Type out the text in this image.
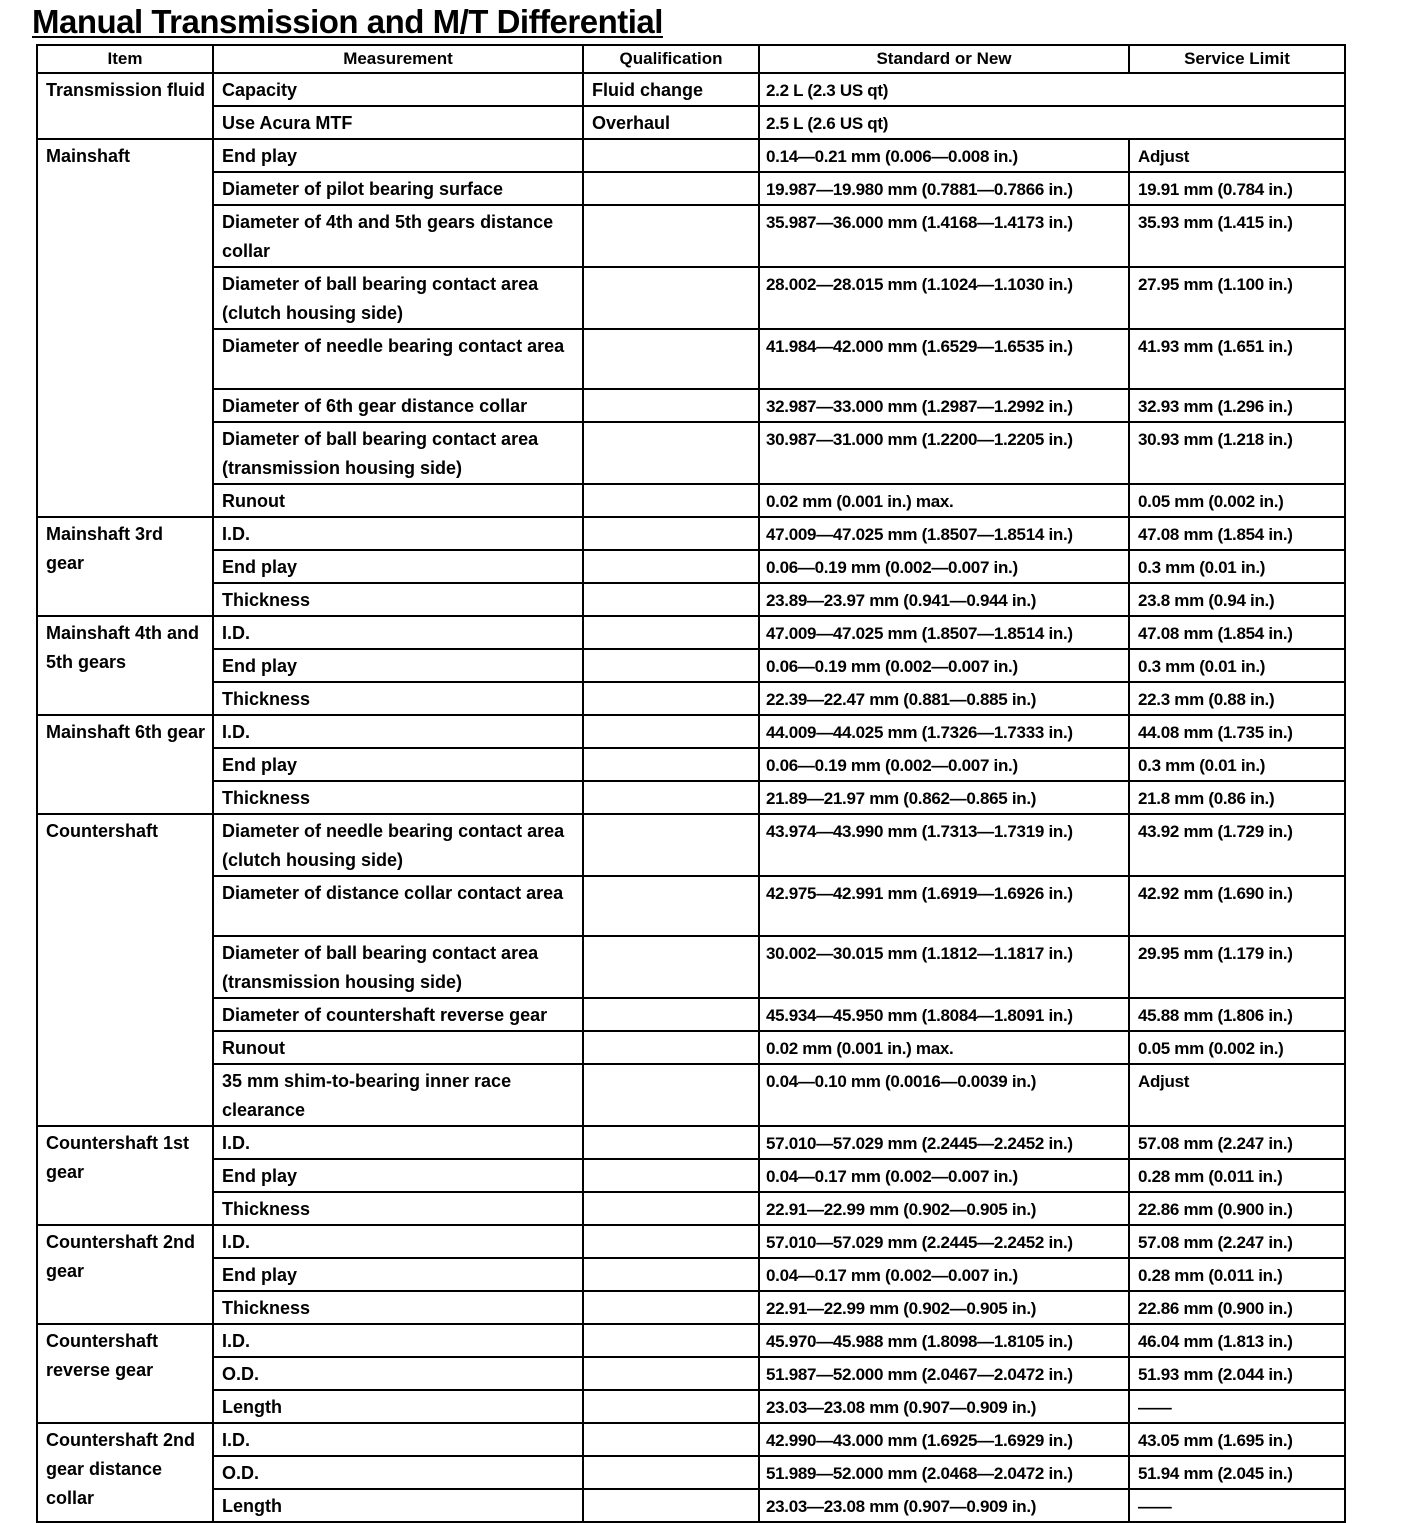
Manual Transmission and M/T Differential
Item	Measurement	Qualification	Standard or New	Service Limit
Transmission fluid	Capacity	Fluid change	2.2 L (2.3 US qt)	
	Use Acura MTF	Overhaul	2.5 L (2.6 US qt)	
Mainshaft	End play		0.14—0.21 mm (0.006—0.008 in.)	Adjust
	Diameter of pilot bearing surface		19.987—19.980 mm (0.7881—0.7866 in.)	19.91 mm (0.784 in.)
	Diameter of 4th and 5th gears distance collar		35.987—36.000 mm (1.4168—1.4173 in.)	35.93 mm (1.415 in.)
	Diameter of ball bearing contact area (clutch housing side)		28.002—28.015 mm (1.1024—1.1030 in.)	27.95 mm (1.100 in.)
	Diameter of needle bearing contact area		41.984—42.000 mm (1.6529—1.6535 in.)	41.93 mm (1.651 in.)
	Diameter of 6th gear distance collar		32.987—33.000 mm (1.2987—1.2992 in.)	32.93 mm (1.296 in.)
	Diameter of ball bearing contact area (transmission housing side)		30.987—31.000 mm (1.2200—1.2205 in.)	30.93 mm (1.218 in.)
	Runout		0.02 mm (0.001 in.) max.	0.05 mm (0.002 in.)
Mainshaft 3rd gear	I.D.		47.009—47.025 mm (1.8507—1.8514 in.)	47.08 mm (1.854 in.)
	End play		0.06—0.19 mm (0.002—0.007 in.)	0.3 mm (0.01 in.)
	Thickness		23.89—23.97 mm (0.941—0.944 in.)	23.8 mm (0.94 in.)
Mainshaft 4th and 5th gears	I.D.		47.009—47.025 mm (1.8507—1.8514 in.)	47.08 mm (1.854 in.)
	End play		0.06—0.19 mm (0.002—0.007 in.)	0.3 mm (0.01 in.)
	Thickness		22.39—22.47 mm (0.881—0.885 in.)	22.3 mm (0.88 in.)
Mainshaft 6th gear	I.D.		44.009—44.025 mm (1.7326—1.7333 in.)	44.08 mm (1.735 in.)
	End play		0.06—0.19 mm (0.002—0.007 in.)	0.3 mm (0.01 in.)
	Thickness		21.89—21.97 mm (0.862—0.865 in.)	21.8 mm (0.86 in.)
Countershaft	Diameter of needle bearing contact area (clutch housing side)		43.974—43.990 mm (1.7313—1.7319 in.)	43.92 mm (1.729 in.)
	Diameter of distance collar contact area		42.975—42.991 mm (1.6919—1.6926 in.)	42.92 mm (1.690 in.)
	Diameter of ball bearing contact area (transmission housing side)		30.002—30.015 mm (1.1812—1.1817 in.)	29.95 mm (1.179 in.)
	Diameter of countershaft reverse gear		45.934—45.950 mm (1.8084—1.8091 in.)	45.88 mm (1.806 in.)
	Runout		0.02 mm (0.001 in.) max.	0.05 mm (0.002 in.)
	35 mm shim-to-bearing inner race clearance		0.04—0.10 mm (0.0016—0.0039 in.)	Adjust
Countershaft 1st gear	I.D.		57.010—57.029 mm (2.2445—2.2452 in.)	57.08 mm (2.247 in.)
	End play		0.04—0.17 mm (0.002—0.007 in.)	0.28 mm (0.011 in.)
	Thickness		22.91—22.99 mm (0.902—0.905 in.)	22.86 mm (0.900 in.)
Countershaft 2nd gear	I.D.		57.010—57.029 mm (2.2445—2.2452 in.)	57.08 mm (2.247 in.)
	End play		0.04—0.17 mm (0.002—0.007 in.)	0.28 mm (0.011 in.)
	Thickness		22.91—22.99 mm (0.902—0.905 in.)	22.86 mm (0.900 in.)
Countershaft reverse gear	I.D.		45.970—45.988 mm (1.8098—1.8105 in.)	46.04 mm (1.813 in.)
	O.D.		51.987—52.000 mm (2.0467—2.0472 in.)	51.93 mm (2.044 in.)
	Length		23.03—23.08 mm (0.907—0.909 in.)	——
Countershaft 2nd gear distance collar	I.D.		42.990—43.000 mm (1.6925—1.6929 in.)	43.05 mm (1.695 in.)
	O.D.		51.989—52.000 mm (2.0468—2.0472 in.)	51.94 mm (2.045 in.)
	Length		23.03—23.08 mm (0.907—0.909 in.)	——
